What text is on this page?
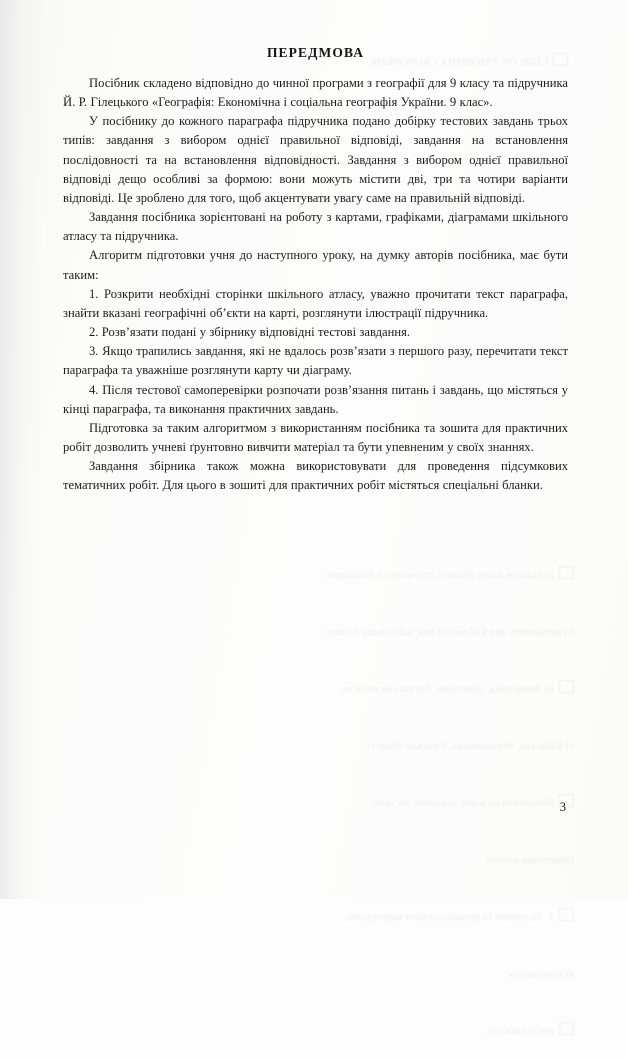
1. Зіставити та проаналізувати картограми.

відповідність

послідовність

ПЕРЕДМОВА

Посібник складено відповідно до чинної програми з географії для 9 класу та підручника Й. Р. Гілецького «Географія: Економічна і соціальна географія України. 9 клас».

У посібнику до кожного параграфа підручника подано добірку тестових завдань трьох типів: завдання з вибором однієї правильної відповіді, завдання на встановлення послідовності та на встановлення відповідності. Завдання з вибором однієї правильної відповіді дещо особливі за формою: вони можуть містити дві, три та чотири варіанти відповіді. Це зроблено для того, щоб акцентувати увагу саме на правильній відповіді.

Завдання посібника зорієнтовані на роботу з картами, графіками, діаграмами шкільного атласу та підручника.

Алгоритм підготовки учня до наступного уроку, на думку авторів посібника, має бути таким:

1. Розкрити необхідні сторінки шкільного атласу, уважно прочитати текст параграфа, знайти вказані географічні об’єкти на карті, розглянути ілюстрації підручника.

2. Розв’язати подані у збірнику відповідні тестові завдання.

3. Якщо трапились завдання, які не вдалось розв’язати з першого разу, перечитати текст параграфа та уважніше розглянути карту чи діаграму.

4. Після тестової самоперевірки розпочати розв’язання питань і завдань, що містяться у кінці параграфа, та виконання практичних завдань.

Підготовка за таким алгоритмом з використанням посібника та зошита для практичних робіт дозволить учневі ґрунтовно вивчити матеріал та бути упевненим у своїх знаннях.

Завдання збірника також можна використовувати для проведення підсумкових тематичних робіт. Для цього в зошиті для практичних робіт містяться спеціальні бланки.

3
